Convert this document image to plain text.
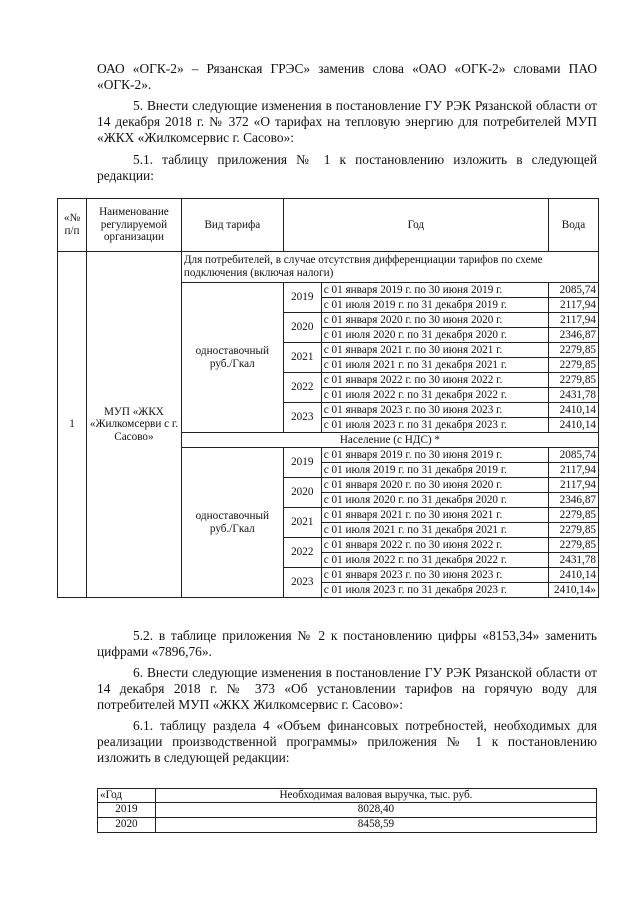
ОАО «ОГК-2» – Рязанская ГРЭС» заменив слова «ОАО «ОГК-2» словами ПАО «ОГК-2».

5. Внести следующие изменения в постановление ГУ РЭК Рязанской области от 14 декабря 2018 г. № 372 «О тарифах на тепловую энергию для потребителей МУП «ЖКХ «Жилкомсервис г. Сасово»:

5.1. таблицу приложения № 1 к постановлению изложить в следующей редакции:

«№ п/п	Наименование регулируемой организации	Вид тарифа	Год		Вода
1	МУП «ЖКХ «Жилкомсерви с г. Сасово»	Для потребителей, в случае отсутствия дифференциации тарифов по схеме подключения (включая налоги)			
		одноставочный руб./Гкал	2019	с 01 января 2019 г. по 30 июня 2019 г.	2085,74
				с 01 июля 2019 г. по 31 декабря 2019 г.	2117,94
			2020	с 01 января 2020 г. по 30 июня 2020 г.	2117,94
				с 01 июля 2020 г. по 31 декабря 2020 г.	2346,87
			2021	с 01 января 2021 г. по 30 июня 2021 г.	2279,85
				с 01 июля 2021 г. по 31 декабря 2021 г.	2279,85
			2022	с 01 января 2022 г. по 30 июня 2022 г.	2279,85
				с 01 июля 2022 г. по 31 декабря 2022 г.	2431,78
			2023	с 01 января 2023 г. по 30 июня 2023 г.	2410,14
				с 01 июля 2023 г. по 31 декабря 2023 г.	2410,14
		Население (с НДС) *			
		одноставочный руб./Гкал	2019	с 01 января 2019 г. по 30 июня 2019 г.	2085,74
				с 01 июля 2019 г. по 31 декабря 2019 г.	2117,94
			2020	с 01 января 2020 г. по 30 июня 2020 г.	2117,94
				с 01 июля 2020 г. по 31 декабря 2020 г.	2346,87
			2021	с 01 января 2021 г. по 30 июня 2021 г.	2279,85
				с 01 июля 2021 г. по 31 декабря 2021 г.	2279,85
			2022	с 01 января 2022 г. по 30 июня 2022 г.	2279,85
				с 01 июля 2022 г. по 31 декабря 2022 г.	2431,78
			2023	с 01 января 2023 г. по 30 июня 2023 г.	2410,14
				с 01 июля 2023 г. по 31 декабря 2023 г.	2410,14»

5.2. в таблице приложения № 2 к постановлению цифры «8153,34» заменить цифрами «7896,76».

6. Внести следующие изменения в постановление ГУ РЭК Рязанской области от 14 декабря 2018 г. № 373 «Об установлении тарифов на горячую воду для потребителей МУП «ЖКХ Жилкомсервис г. Сасово»:

6.1. таблицу раздела 4 «Объем финансовых потребностей, необходимых для реализации производственной программы» приложения № 1 к постановлению изложить в следующей редакции:

«Год	Необходимая валовая выручка, тыс. руб.
2019	8028,40
2020	8458,59
